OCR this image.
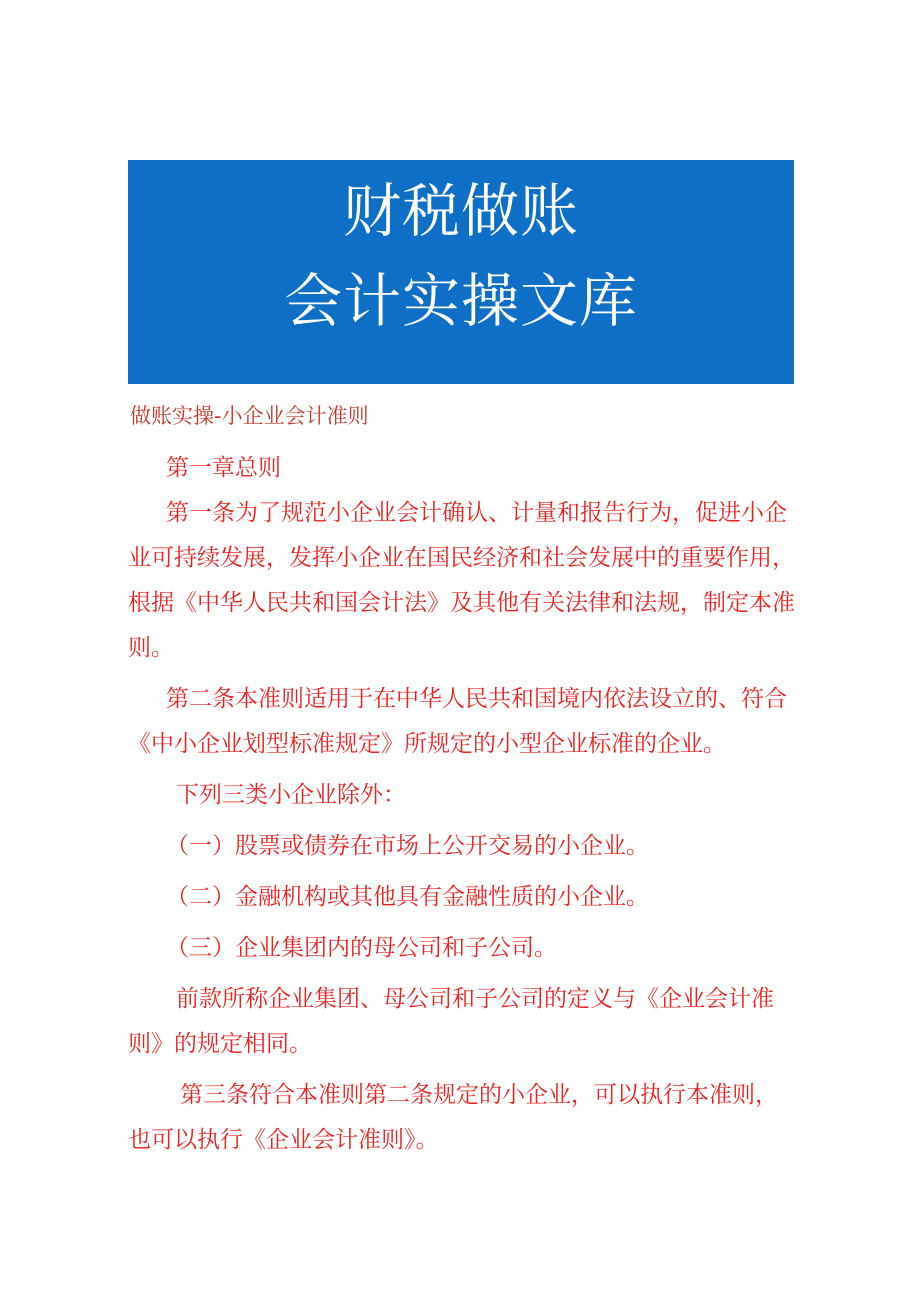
财税做账
会计实操文库
做账实操-小企业会计准则

第一章总则

第一条为了规范小企业会计确认、计量和报告行为，促进小企

业可持续发展，发挥小企业在国民经济和社会发展中的重要作用，

根据《中华人民共和国会计法》及其他有关法律和法规，制定本准

则。

第二条本准则适用于在中华人民共和国境内依法设立的、符合

《中小企业划型标准规定》所规定的小型企业标准的企业。

下列三类小企业除外：

（一）股票或债券在市场上公开交易的小企业。

（二）金融机构或其他具有金融性质的小企业。

（三）企业集团内的母公司和子公司。

前款所称企业集团、母公司和子公司的定义与《企业会计准

则》的规定相同。

第三条符合本准则第二条规定的小企业，可以执行本准则，

也可以执行《企业会计准则》。
